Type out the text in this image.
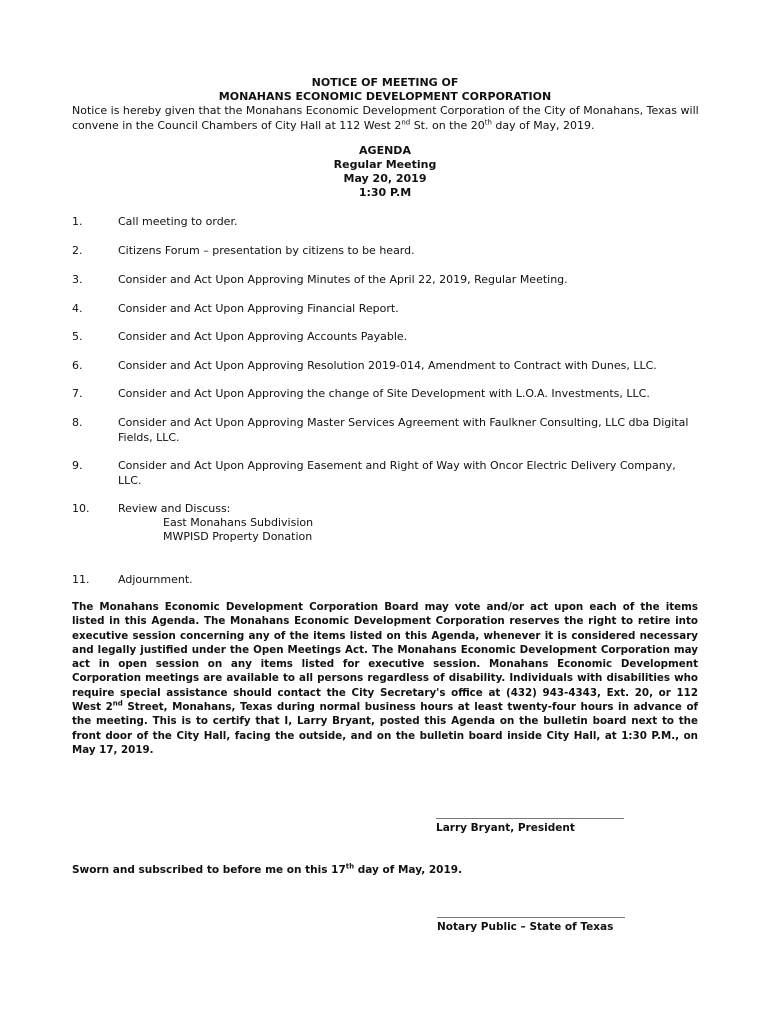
NOTICE OF MEETING OF
MONAHANS ECONOMIC DEVELOPMENT CORPORATION
Notice is hereby given that the Monahans Economic Development Corporation of the City of Monahans, Texas will convene in the Council Chambers of City Hall at 112 West 2nd St. on the 20th day of May, 2019.
AGENDA
Regular Meeting
May 20, 2019
1:30 P.M
1.	Call meeting to order.
2.	Citizens Forum – presentation by citizens to be heard.
3.	Consider and Act Upon Approving Minutes of the April 22, 2019, Regular Meeting.
4.	Consider and Act Upon Approving Financial Report.
5.	Consider and Act Upon Approving Accounts Payable.
6.	Consider and Act Upon Approving Resolution 2019-014, Amendment to Contract with Dunes, LLC.
7.	Consider and Act Upon Approving the change of Site Development with L.O.A. Investments, LLC.
8.	Consider and Act Upon Approving Master Services Agreement with Faulkner Consulting, LLC dba Digital Fields, LLC.
9.	Consider and Act Upon Approving Easement and Right of Way with Oncor Electric Delivery Company, LLC.
10.	Review and Discuss:
East Monahans Subdivision
MWPISD Property Donation
11.	Adjournment.
The Monahans Economic Development Corporation Board may vote and/or act upon each of the items listed in this Agenda. The Monahans Economic Development Corporation reserves the right to retire into executive session concerning any of the items listed on this Agenda, whenever it is considered necessary and legally justified under the Open Meetings Act. The Monahans Economic Development Corporation may act in open session on any items listed for executive session. Monahans Economic Development Corporation meetings are available to all persons regardless of disability. Individuals with disabilities who require special assistance should contact the City Secretary's office at (432) 943-4343, Ext. 20, or 112 West 2nd Street, Monahans, Texas during normal business hours at least twenty-four hours in advance of the meeting. This is to certify that I, Larry Bryant, posted this Agenda on the bulletin board next to the front door of the City Hall, facing the outside, and on the bulletin board inside City Hall, at 1:30 P.M., on May 17, 2019.
Larry Bryant, President
Sworn and subscribed to before me on this 17th day of May, 2019.
Notary Public – State of Texas
